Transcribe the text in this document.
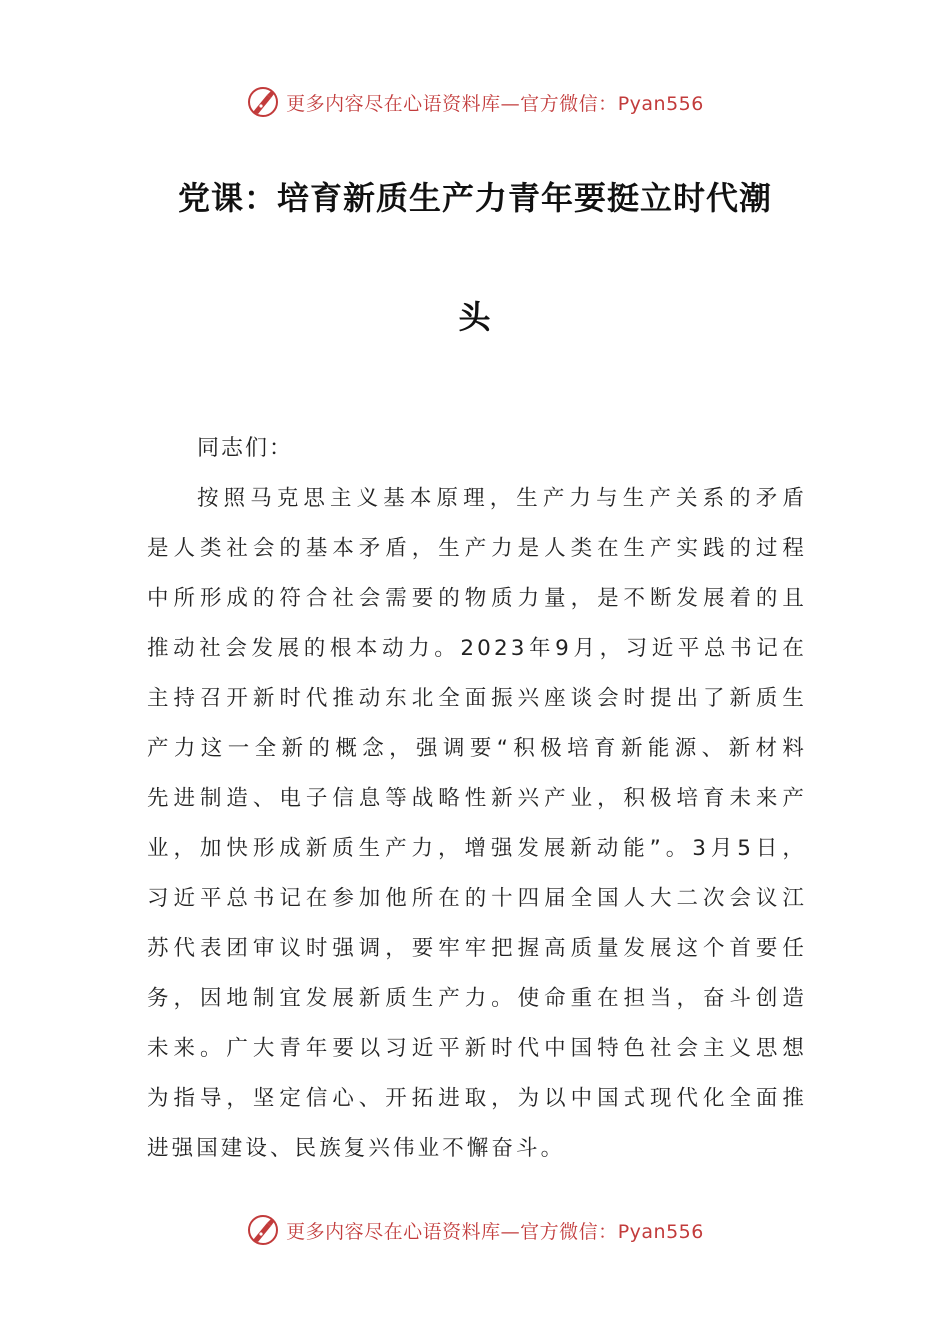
更多内容尽在心语资料库—官方微信：Pyan556
党课：培育新质生产力青年要挺立时代潮
头
同志们：
按照马克思主义基本原理，生产力与生产关系的矛盾
是人类社会的基本矛盾，生产力是人类在生产实践的过程
中所形成的符合社会需要的物质力量，是不断发展着的且
推动社会发展的根本动力。2023年9月，习近平总书记在
主持召开新时代推动东北全面振兴座谈会时提出了新质生
产力这一全新的概念，强调要“积极培育新能源、新材料
先进制造、电子信息等战略性新兴产业，积极培育未来产
业，加快形成新质生产力，增强发展新动能”。3月5日，
习近平总书记在参加他所在的十四届全国人大二次会议江
苏代表团审议时强调，要牢牢把握高质量发展这个首要任
务，因地制宜发展新质生产力。使命重在担当，奋斗创造
未来。广大青年要以习近平新时代中国特色社会主义思想
为指导，坚定信心、开拓进取，为以中国式现代化全面推
进强国建设、民族复兴伟业不懈奋斗。
更多内容尽在心语资料库—官方微信：Pyan556
